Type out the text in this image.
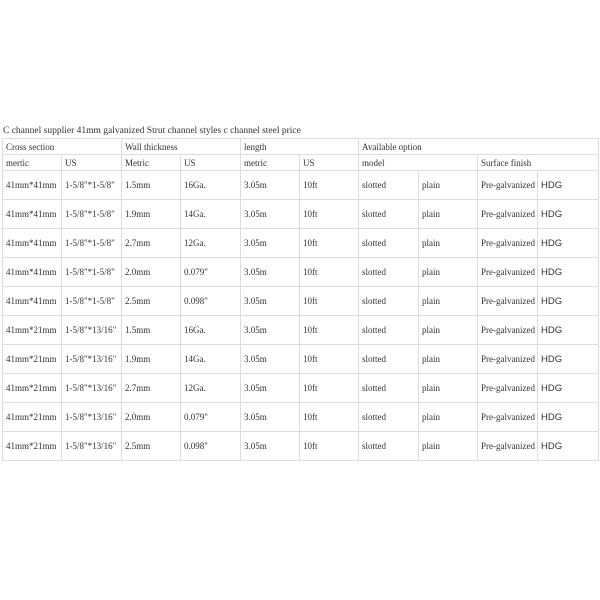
C channel supplier 41mm galvanized Strut channel styles c channel steel price
Cross section		Wall thickness		length		Available option			
mertic	US	Metric	US	metric	US	model		Surface finish	
41mm*41mm	1-5/8"*1-5/8"	1.5mm	16Ga.	3.05m	10ft	slotted	plain	Pre-galvanized	HDG
41mm*41mm	1-5/8"*1-5/8"	1.9mm	14Ga.	3.05m	10ft	slotted	plain	Pre-galvanized	HDG
41mm*41mm	1-5/8"*1-5/8"	2.7mm	12Ga.	3.05m	10ft	slotted	plain	Pre-galvanized	HDG
41mm*41mm	1-5/8"*1-5/8"	2.0mm	0.079"	3.05m	10ft	slotted	plain	Pre-galvanized	HDG
41mm*41mm	1-5/8"*1-5/8"	2.5mm	0.098"	3.05m	10ft	slotted	plain	Pre-galvanized	HDG
41mm*21mm	1-5/8"*13/16"	1.5mm	16Ga.	3.05m	10ft	slotted	plain	Pre-galvanized	HDG
41mm*21mm	1-5/8"*13/16"	1.9mm	14Ga.	3.05m	10ft	slotted	plain	Pre-galvanized	HDG
41mm*21mm	1-5/8"*13/16"	2.7mm	12Ga.	3.05m	10ft	slotted	plain	Pre-galvanized	HDG
41mm*21mm	1-5/8"*13/16"	2.0mm	0.079"	3.05m	10ft	slotted	plain	Pre-galvanized	HDG
41mm*21mm	1-5/8"*13/16"	2.5mm	0.098"	3.05m	10ft	slotted	plain	Pre-galvanized	HDG
